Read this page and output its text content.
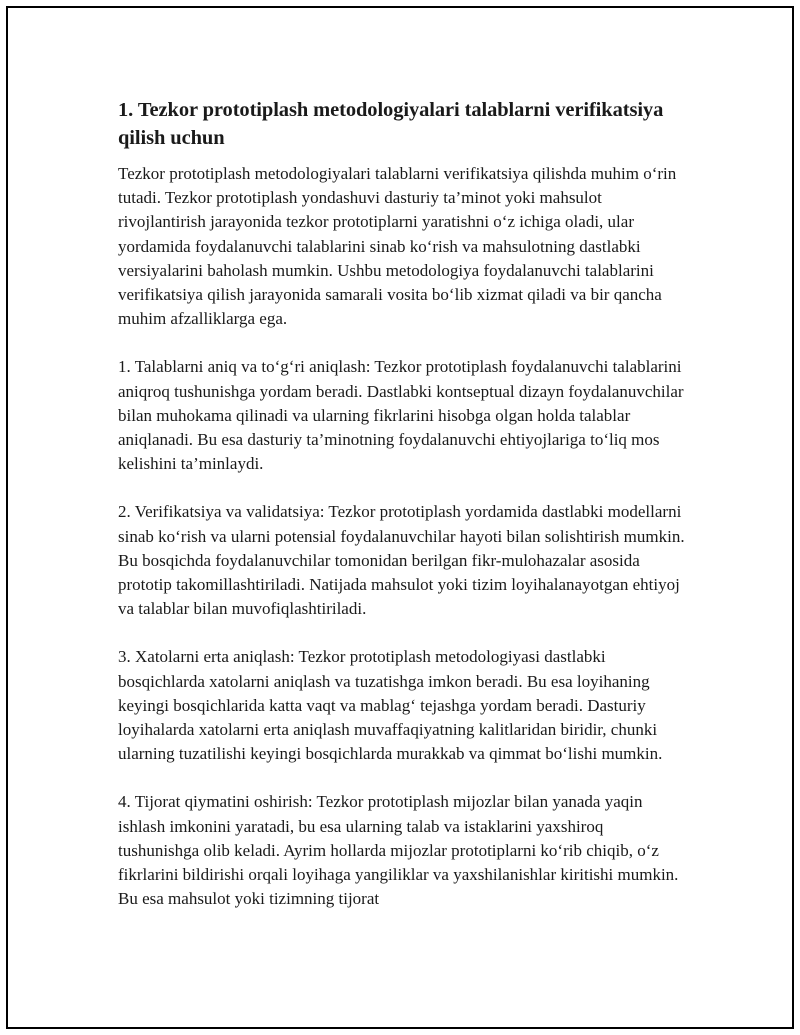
1. Tezkor prototiplash metodologiyalari talablarni verifikatsiya qilish uchun

Tezkor prototiplash metodologiyalari talablarni verifikatsiya qilishda muhim o‘rin tutadi. Tezkor prototiplash yondashuvi dasturiy ta’minot yoki mahsulot rivojlantirish jarayonida tezkor prototiplarni yaratishni o‘z ichiga oladi, ular yordamida foydalanuvchi talablarini sinab ko‘rish va mahsulotning dastlabki versiyalarini baholash mumkin. Ushbu metodologiya foydalanuvchi talablarini verifikatsiya qilish jarayonida samarali vosita bo‘lib xizmat qiladi va bir qancha muhim afzalliklarga ega.

1. Talablarni aniq va to‘g‘ri aniqlash: Tezkor prototiplash foydalanuvchi talablarini aniqroq tushunishga yordam beradi. Dastlabki kontseptual dizayn foydalanuvchilar bilan muhokama qilinadi va ularning fikrlarini hisobga olgan holda talablar aniqlanadi. Bu esa dasturiy ta’minotning foydalanuvchi ehtiyojlariga to‘liq mos kelishini ta’minlaydi.

2. Verifikatsiya va validatsiya: Tezkor prototiplash yordamida dastlabki modellarni sinab ko‘rish va ularni potensial foydalanuvchilar hayoti bilan solishtirish mumkin. Bu bosqichda foydalanuvchilar tomonidan berilgan fikr-mulohazalar asosida prototip takomillashtiriladi. Natijada mahsulot yoki tizim loyihalanayotgan ehtiyoj va talablar bilan muvofiqlashtiriladi.

3. Xatolarni erta aniqlash: Tezkor prototiplash metodologiyasi dastlabki bosqichlarda xatolarni aniqlash va tuzatishga imkon beradi. Bu esa loyihaning keyingi bosqichlarida katta vaqt va mablag‘ tejashga yordam beradi. Dasturiy loyihalarda xatolarni erta aniqlash muvaffaqiyatning kalitlaridan biridir, chunki ularning tuzatilishi keyingi bosqichlarda murakkab va qimmat bo‘lishi mumkin.

4. Tijorat qiymatini oshirish: Tezkor prototiplash mijozlar bilan yanada yaqin ishlash imkonini yaratadi, bu esa ularning talab va istaklarini yaxshiroq tushunishga olib keladi. Ayrim hollarda mijozlar prototiplarni ko‘rib chiqib, o‘z fikrlarini bildirishi orqali loyihaga yangiliklar va yaxshilanishlar kiritishi mumkin. Bu esa mahsulot yoki tizimning tijorat
